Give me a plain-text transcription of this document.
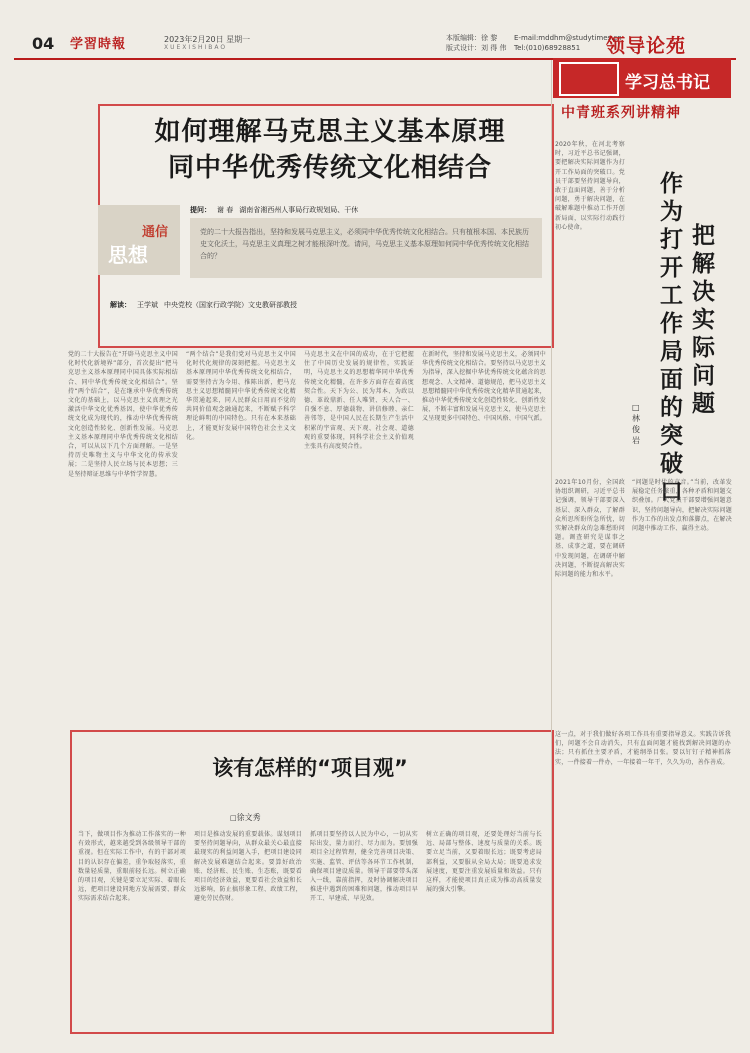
04 学習時報	2023年2月20日 星期一
XUEXISHIBAO
本版编辑：徐 黎
版式设计：刘 得 伟
E-mail:mddhm@studytimes.cn
Tel:(010)68928851	领导论苑
如何理解马克思主义基本原理
同中华优秀传统文化相结合
通信
思想
提问： 谢 春 湖南省湘西州人事局行政规划局、干休
党的二十大报告指出，坚持和发展马克思主义，必须同中华优秀传统文化相结合。只有植根本国、本民族历史文化沃土，马克思主义真理之树才能根深叶茂。请问，马克思主义基本原理如何同中华优秀传统文化相结合的？
解读： 王学斌 中央党校（国家行政学院）文史教研部教授
党的二十大报告在“开辟马克思主义中国化时代化新境界”部分，首次提出“把马克思主义基本原理同中国具体实际相结合、同中华优秀传统文化相结合”。坚持“两个结合”，是在继承中华优秀传统文化的基础上，以马克思主义真理之光激活中华文化优秀基因，使中华优秀传统文化成为现代的，推动中华优秀传统文化创造性转化、创新性发展。马克思主义基本原理同中华优秀传统文化相结合，可以从以下几个方面理解。一是坚持历史唯物主义与中华文化的传承发展；二是坚持人民立场与民本思想；三是坚持辩证思维与中华哲学智慧。
“两个结合”是我们党对马克思主义中国化时代化规律的深刻把握。马克思主义基本原理同中华优秀传统文化相结合，需要坚持古为今用、推陈出新，把马克思主义思想精髓同中华优秀传统文化精华贯通起来，同人民群众日用而不觉的共同价值观念融通起来，不断赋予科学理论鲜明的中国特色。只有在本来基础上，才能更好发展中国特色社会主义文化。
马克思主义在中国的成功，在于它把握住了中国历史发展的规律性，实践证明，马克思主义的思想精华同中华优秀传统文化精髓，在许多方面存在着高度契合性。天下为公、民为邦本、为政以德、革故鼎新、任人唯贤、天人合一、自强不息、厚德载物、讲信修睦、亲仁善邻等，是中国人民在长期生产生活中积累的宇宙观、天下观、社会观、道德观的重要体现，同科学社会主义价值观主张具有高度契合性。
在新时代，坚持和发展马克思主义，必须同中华优秀传统文化相结合。要坚持以马克思主义为指导，深入挖掘中华优秀传统文化蕴含的思想观念、人文精神、道德规范，把马克思主义思想精髓同中华优秀传统文化精华贯通起来，推动中华优秀传统文化创造性转化、创新性发展，不断丰富和发展马克思主义，使马克思主义呈现更多中国特色、中国风格、中国气派。
该有怎样的“项目观”
□徐文秀
当下，做项目作为推动工作落实的一种有效形式，越来越受到各级领导干部的重视。但在实际工作中，有的干部对项目的认识存在偏差，重争取轻落实，重数量轻质量，重眼前轻长远。树立正确的项目观，关键是要立足实际、着眼长远，把项目建设同地方发展需要、群众实际需求结合起来。
项目是推动发展的重要载体。谋划项目要坚持问题导向，从群众最关心最直接最现实的利益问题入手，把项目建设同解决发展难题结合起来。要算好政治账、经济账、民生账、生态账，既要看项目的经济效益，更要看社会效益和长远影响，防止搞形象工程、政绩工程，避免劳民伤财。
抓项目要坚持以人民为中心，一切从实际出发，量力而行、尽力而为。要加强项目全过程管理，健全完善项目决策、实施、监管、评估等各环节工作机制，确保项目建设质量。领导干部要带头深入一线，靠前指挥，及时协调解决项目推进中遇到的困难和问题，推动项目早开工、早建成、早见效。
树立正确的项目观，还要处理好当前与长远、局部与整体、速度与质量的关系。既要立足当前，又要着眼长远；既要考虑局部利益，又要服从全局大局；既要追求发展速度，更要注重发展质量和效益。只有这样，才能使项目真正成为推动高质量发展的强大引擎。
学习总书记
中青班系列讲精神
把解决实际问题
作为打开工作局面的突破口
□林俊岩
2020年秋，在河北考察时，习近平总书记强调，要把解决实际问题作为打开工作局面的突破口。党员干部要坚持问题导向，敢于直面问题，善于分析问题，勇于解决问题，在破解难题中推动工作开创新局面，以实际行动践行初心使命。
2021年10月份，全国政协组织调研，习近平总书记强调，领导干部要深入基层、深入群众，了解群众所思所盼所急所忧，切实解决群众的急难愁盼问题。调查研究是谋事之基、成事之道，要在调研中发现问题，在调研中解决问题，不断提高解决实际问题的能力和水平。
“问题是时代的声音。”当前，改革发展稳定任务繁重，各种矛盾和问题交织叠加。广大党员干部要增强问题意识，坚持问题导向，把解决实际问题作为工作的出发点和落脚点，在解决问题中推动工作、赢得主动。
这一点，对于我们做好各项工作具有重要指导意义。实践告诉我们，问题不会自动消失，只有直面问题才能找到解决问题的办法；只有抓住主要矛盾，才能纲举目张。要以钉钉子精神抓落实，一件接着一件办，一年接着一年干，久久为功，善作善成。
